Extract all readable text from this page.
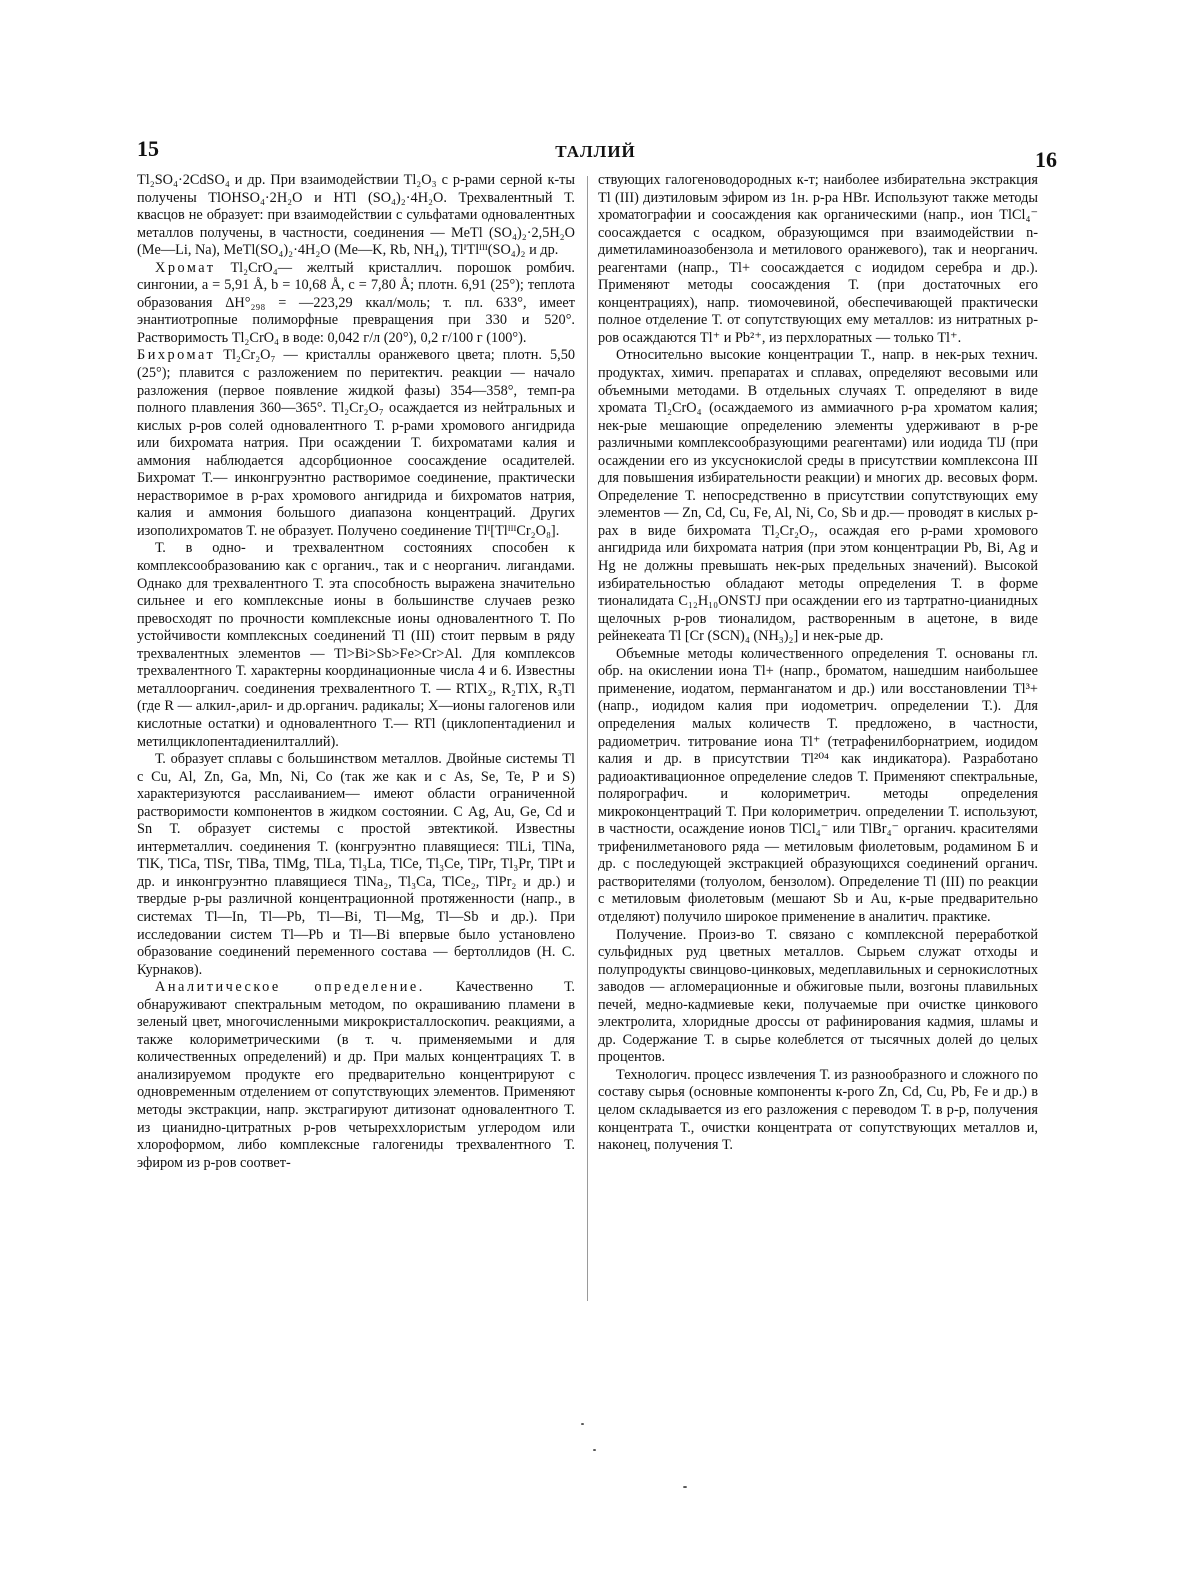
15	ТАЛЛИЙ	16

Tl₂SO₄·2CdSO₄ и др. При взаимодействии Tl₂O₃ с р-рами серной к-ты получены TlOHSO₄·2H₂O и HTl (SO₄)₂·4H₂O. Трехвалентный Т. квасцов не образует: при взаимодействии с сульфатами одновалентных металлов получены, в частности, соединения — MeTl (SO₄)₂·2,5H₂O (Me—Li, Na), MeTl(SO₄)₂·4H₂O (Me—K, Rb, NH₄), TlᴵTlᴵᴵᴵ(SO₄)₂ и др.

Хромат Tl₂CrO₄— желтый кристаллич. порошок ромбич. сингонии, a = 5,91 Å, b = 10,68 Å, c = 7,80 Å; плотн. 6,91 (25°); теплота образования ΔH°₂₉₈ = —223,29 ккал/моль; т. пл. 633°, имеет энантиотропные полиморфные превращения при 330 и 520°. Растворимость Tl₂CrO₄ в воде: 0,042 г/л (20°), 0,2 г/100 г (100°).

Бихромат Tl₂Cr₂O₇ — кристаллы оранжевого цвета; плотн. 5,50 (25°); плавится с разложением по перитектич. реакции — начало разложения (первое появление жидкой фазы) 354—358°, темп-ра полного плавления 360—365°. Tl₂Cr₂O₇ осаждается из нейтральных и кислых р-ров солей одновалентного Т. р-рами хромового ангидрида или бихромата натрия. При осаждении Т. бихроматами калия и аммония наблюдается адсорбционное соосаждение осадителей. Бихромат Т.— инконгруэнтно растворимое соединение, практически нерастворимое в р-рах хромового ангидрида и бихроматов натрия, калия и аммония большого диапазона концентраций. Других изополихроматов Т. не образует. Получено соединение Tlᴵ[TlᴵᴵᴵCr₂O₈].

Т. в одно- и трехвалентном состояниях способен к комплексообразованию как с органич., так и с неорганич. лигандами. Однако для трехвалентного Т. эта способность выражена значительно сильнее и его комплексные ионы в большинстве случаев резко превосходят по прочности комплексные ионы одновалентного Т. По устойчивости комплексных соединений Tl (III) стоит первым в ряду трехвалентных элементов — Tl>Bi>Sb>Fe>Cr>Al. Для комплексов трехвалентного Т. характерны координационные числа 4 и 6. Известны металлоорганич. соединения трехвалентного Т. — RTlX₂, R₂TlX, R₃Tl (где R — алкил-,арил- и др.органич. радикалы; X—ионы галогенов или кислотные остатки) и одновалентного Т.— RTl (циклопентадиенил и метилциклопентадиенилталлий).

Т. образует сплавы с большинством металлов. Двойные системы Tl с Cu, Al, Zn, Ga, Mn, Ni, Co (так же как и с As, Se, Te, P и S) характеризуются расслаиванием— имеют области ограниченной растворимости компонентов в жидком состоянии. С Ag, Au, Ge, Cd и Sn Т. образует системы с простой эвтектикой. Известны интерметаллич. соединения Т. (конгруэнтно плавящиеся: TlLi, TlNa, TlK, TlCa, TlSr, TlBa, TlMg, TlLa, Tl₃La, TlCe, Tl₃Ce, TlPr, Tl₃Pr, TlPt и др. и инконгруэнтно плавящиеся TlNa₂, Tl₃Ca, TlCe₂, TlPr₂ и др.) и твердые р-ры различной концентрационной протяженности (напр., в системах Tl—In, Tl—Pb, Tl—Bi, Tl—Mg, Tl—Sb и др.). При исследовании систем Tl—Pb и Tl—Bi впервые было установлено образование соединений переменного состава — бертоллидов (Н. С. Курнаков).

Аналитическое определение. Качественно Т. обнаруживают спектральным методом, по окрашиванию пламени в зеленый цвет, многочисленными микрокристаллоскопич. реакциями, а также колориметрическими (в т. ч. применяемыми и для количественных определений) и др. При малых концентрациях Т. в анализируемом продукте его предварительно концентрируют с одновременным отделением от сопутствующих элементов. Применяют методы экстракции, напр. экстрагируют дитизонат одновалентного Т. из цианидно-цитратных р-ров четыреххлористым углеродом или хлороформом, либо комплексные галогениды трехвалентного Т. эфиром из р-ров соответ-

ствующих галогеноводородных к-т; наиболее избирательна экстракция Tl (III) диэтиловым эфиром из 1н. р-ра HBr. Используют также методы хроматографии и соосаждения как органическими (напр., ион TlCl₄⁻ соосаждается с осадком, образующимся при взаимодействии n-диметиламиноазобензола и метилового оранжевого), так и неорганич. реагентами (напр., Tl+ соосаждается с иодидом серебра и др.). Применяют методы соосаждения Т. (при достаточных его концентрациях), напр. тиомочевиной, обеспечивающей практически полное отделение Т. от сопутствующих ему металлов: из нитратных р-ров осаждаются Tl⁺ и Pb²⁺, из перхлоратных — только Tl⁺.

Относительно высокие концентрации Т., напр. в нек-рых технич. продуктах, химич. препаратах и сплавах, определяют весовыми или объемными методами. В отдельных случаях Т. определяют в виде хромата Tl₂CrO₄ (осаждаемого из аммиачного р-ра хроматом калия; нек-рые мешающие определению элементы удерживают в р-ре различными комплексообразующими реагентами) или иодида TlJ (при осаждении его из уксуснокислой среды в присутствии комплексона III для повышения избирательности реакции) и многих др. весовых форм. Определение Т. непосредственно в присутствии сопутствующих ему элементов — Zn, Cd, Cu, Fe, Al, Ni, Co, Sb и др.— проводят в кислых р-рах в виде бихромата Tl₂Cr₂O₇, осаждая его р-рами хромового ангидрида или бихромата натрия (при этом концентрации Pb, Bi, Ag и Hg не должны превышать нек-рых предельных значений). Высокой избирательностью обладают методы определения Т. в форме тионалидата C₁₂H₁₀ONSTJ при осаждении его из тартратно-цианидных щелочных р-ров тионалидом, растворенным в ацетоне, в виде рейнекеата Tl [Cr (SCN)₄ (NH₃)₂] и нек-рые др.

Объемные методы количественного определения Т. основаны гл. обр. на окислении иона Tl+ (напр., броматом, нашедшим наибольшее применение, иодатом, перманганатом и др.) или восстановлении Tl³+ (напр., иодидом калия при иодометрич. определении Т.). Для определения малых количеств Т. предложено, в частности, радиометрич. титрование иона Tl⁺ (тетрафенилборнатрием, иодидом калия и др. в присутствии Tl²⁰⁴ как индикатора). Разработано радиоактивационное определение следов Т. Применяют спектральные, полярографич. и колориметрич. методы определения микроконцентраций Т. При колориметрич. определении Т. используют, в частности, осаждение ионов TlCl₄⁻ или TlBr₄⁻ органич. красителями трифенилметанового ряда — метиловым фиолетовым, родамином Б и др. с последующей экстракцией образующихся соединений органич. растворителями (толуолом, бензолом). Определение Tl (III) по реакции с метиловым фиолетовым (мешают Sb и Au, к-рые предварительно отделяют) получило широкое применение в аналитич. практике.

Получение. Произ-во Т. связано с комплексной переработкой сульфидных руд цветных металлов. Сырьем служат отходы и полупродукты свинцово-цинковых, медеплавильных и сернокислотных заводов — агломерационные и обжиговые пыли, возгоны плавильных печей, медно-кадмиевые кеки, получаемые при очистке цинкового электролита, хлоридные дроссы от рафинирования кадмия, шламы и др. Содержание Т. в сырье колеблется от тысячных долей до целых процентов.

Технологич. процесс извлечения Т. из разнообразного и сложного по составу сырья (основные компоненты к-рого Zn, Cd, Cu, Pb, Fe и др.) в целом складывается из его разложения с переводом Т. в р-р, получения концентрата Т., очистки концентрата от сопутствующих металлов и, наконец, получения Т.
